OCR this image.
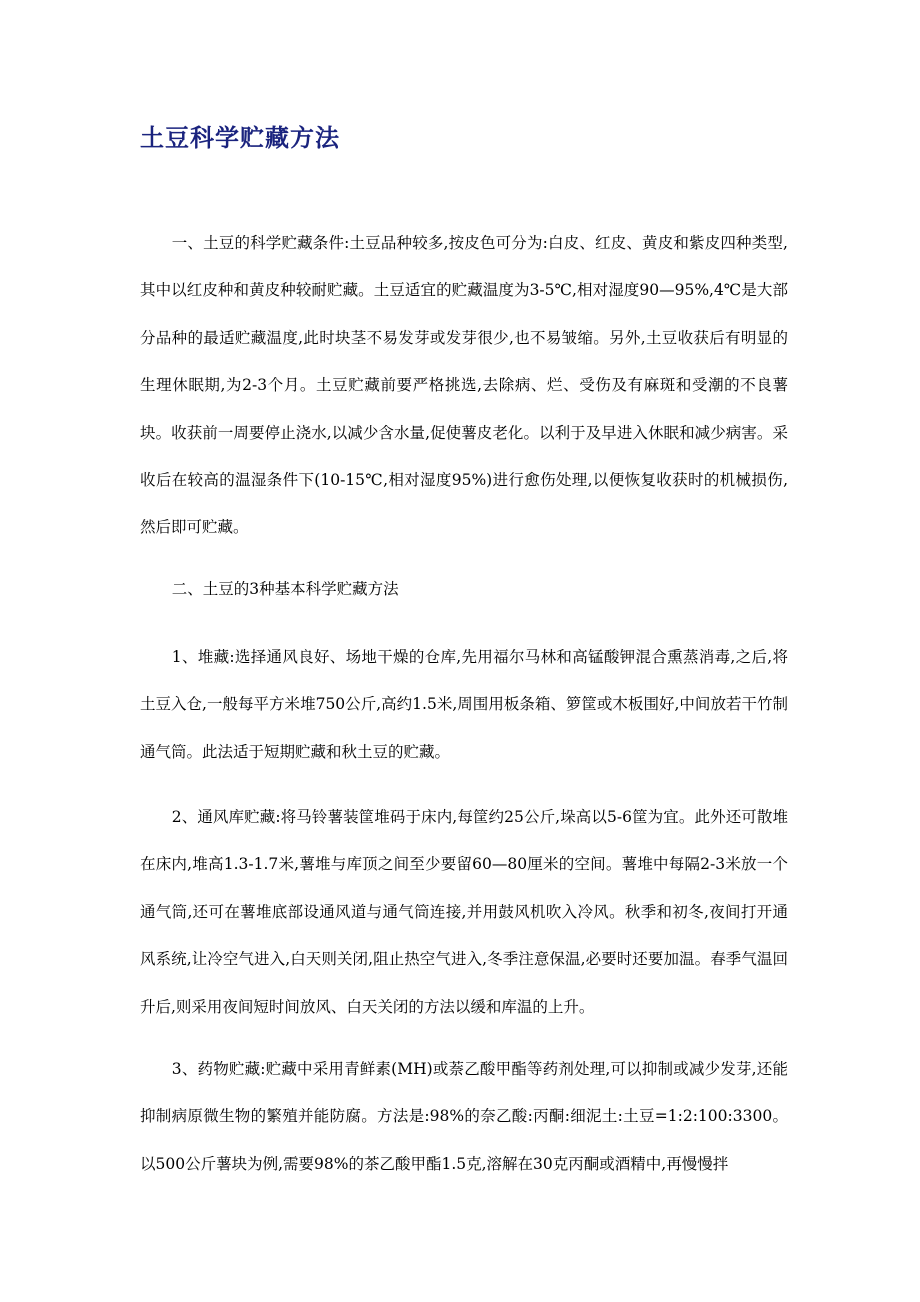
土豆科学贮藏方法

一、土豆的科学贮藏条件:土豆品种较多,按皮色可分为:白皮、红皮、黄皮和紫皮四种类型,其中以红皮种和黄皮种较耐贮藏。土豆适宜的贮藏温度为3-5℃,相对湿度90—95%,4℃是大部分品种的最适贮藏温度,此时块茎不易发芽或发芽很少,也不易皱缩。另外,土豆收获后有明显的生理休眠期,为2-3个月。土豆贮藏前要严格挑选,去除病、烂、受伤及有麻斑和受潮的不良薯块。收获前一周要停止浇水,以减少含水量,促使薯皮老化。以利于及早进入休眠和减少病害。采收后在较高的温湿条件下(10-15℃,相对湿度95%)进行愈伤处理,以便恢复收获时的机械损伤,然后即可贮藏。

二、土豆的3种基本科学贮藏方法

1、堆藏:选择通风良好、场地干燥的仓库,先用福尔马林和高锰酸钾混合熏蒸消毒,之后,将土豆入仓,一般每平方米堆750公斤,高约1.5米,周围用板条箱、箩筐或木板围好,中间放若干竹制通气筒。此法适于短期贮藏和秋土豆的贮藏。

2、通风库贮藏:将马铃薯装筐堆码于床内,每筐约25公斤,垛高以5-6筐为宜。此外还可散堆在床内,堆高1.3-1.7米,薯堆与库顶之间至少要留60—80厘米的空间。薯堆中每隔2-3米放一个通气筒,还可在薯堆底部设通风道与通气筒连接,并用鼓风机吹入冷风。秋季和初冬,夜间打开通风系统,让冷空气进入,白天则关闭,阻止热空气进入,冬季注意保温,必要时还要加温。春季气温回升后,则采用夜间短时间放风、白天关闭的方法以缓和库温的上升。

3、药物贮藏:贮藏中采用青鲜素(MH)或萘乙酸甲酯等药剂处理,可以抑制或减少发芽,还能抑制病原微生物的繁殖并能防腐。方法是:98%的奈乙酸:丙酮:细泥土:土豆=1:2:100:3300。以500公斤薯块为例,需要98%的茶乙酸甲酯1.5克,溶解在30克丙酮或酒精中,再慢慢拌
